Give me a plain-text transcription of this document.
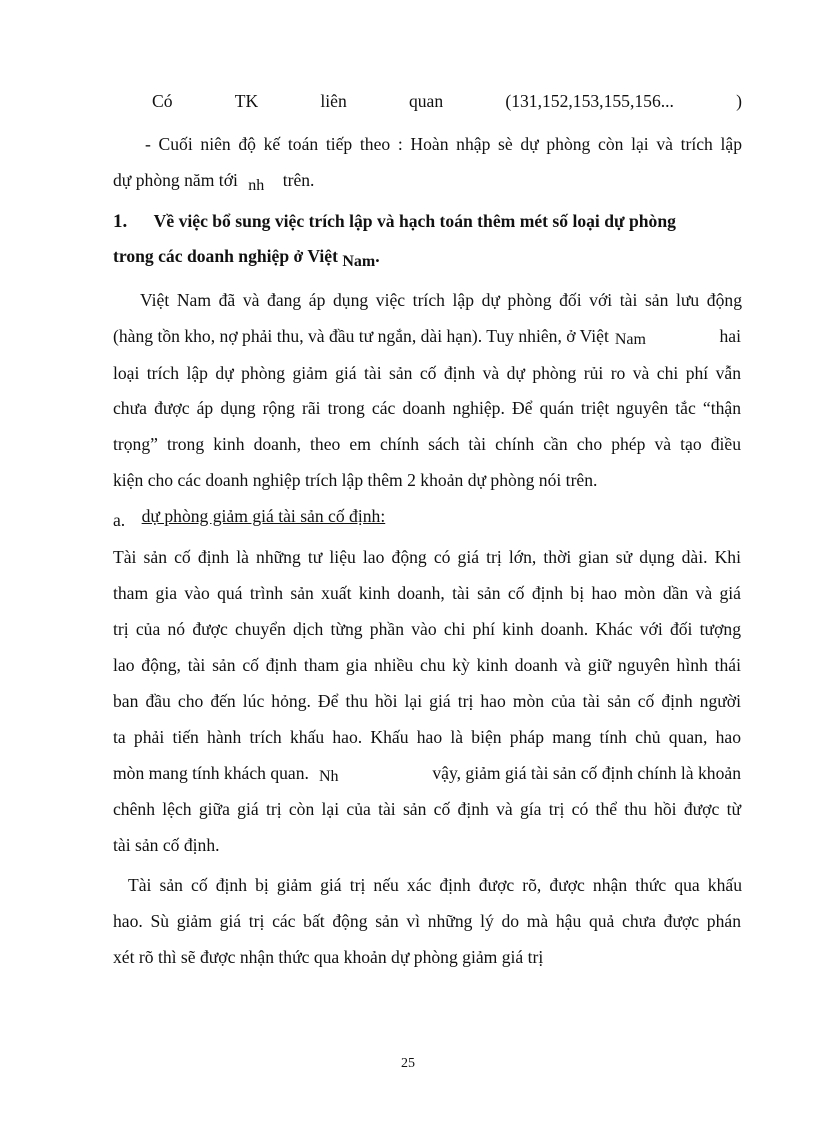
Có	TK	liên	quan	(131,152,153,155,156...	)
- Cuối niên độ kế toán tiếp theo : Hoàn nhập sè dự phòng còn lại và trích lập
dự phòng năm tới nh trên.
1. Về việc bổ sung việc trích lập và hạch toán thêm mét số loại dự phòng
trong các doanh nghiệp ở Việt Nam.
Việt Nam đã và đang áp dụng việc trích lập dự phòng đối với tài sản lưu động
(hàng tồn kho, nợ phải thu, và đầu tư ngắn, dài hạn). Tuy nhiên, ở Việt Nam	hai
loại trích lập dự phòng giảm giá tài sản cố định và dự phòng rủi ro và chi phí vẫn
chưa được áp dụng rộng rãi trong các doanh nghiệp. Để quán triệt nguyên tắc “thận
trọng” trong kinh doanh, theo em chính sách tài chính cần cho phép và tạo điều
kiện cho các doanh nghiệp trích lập thêm 2 khoản dự phòng nói trên.
a. dự phòng giảm giá tài sản cố định:
Tài sản cố định là những tư liệu lao động có giá trị lớn, thời gian sử dụng dài. Khi
tham gia vào quá trình sản xuất kinh doanh, tài sản cố định bị hao mòn dần và giá
trị của nó được chuyển dịch từng phần vào chi phí kinh doanh. Khác với đối tượng
lao động, tài sản cố định tham gia nhiều chu kỳ kinh doanh và giữ nguyên hình thái
ban đầu cho đến lúc hỏng. Để thu hồi lại giá trị hao mòn của tài sản cố định người
ta phải tiến hành trích khấu hao. Khấu hao là biện pháp mang tính chủ quan, hao
mòn mang tính khách quan. Nh	vậy, giảm giá tài sản cố định chính là khoản
chênh lệch giữa giá trị còn lại của tài sản cố định và gía trị có thể thu hồi được từ
tài sản cố định.
Tài sản cố định bị giảm giá trị nếu xác định được rõ, được nhận thức qua khấu
hao. Sù giảm giá trị các bất động sản vì những lý do mà hậu quả chưa được phán
xét rõ thì sẽ được nhận thức qua khoản dự phòng giảm giá trị
25
